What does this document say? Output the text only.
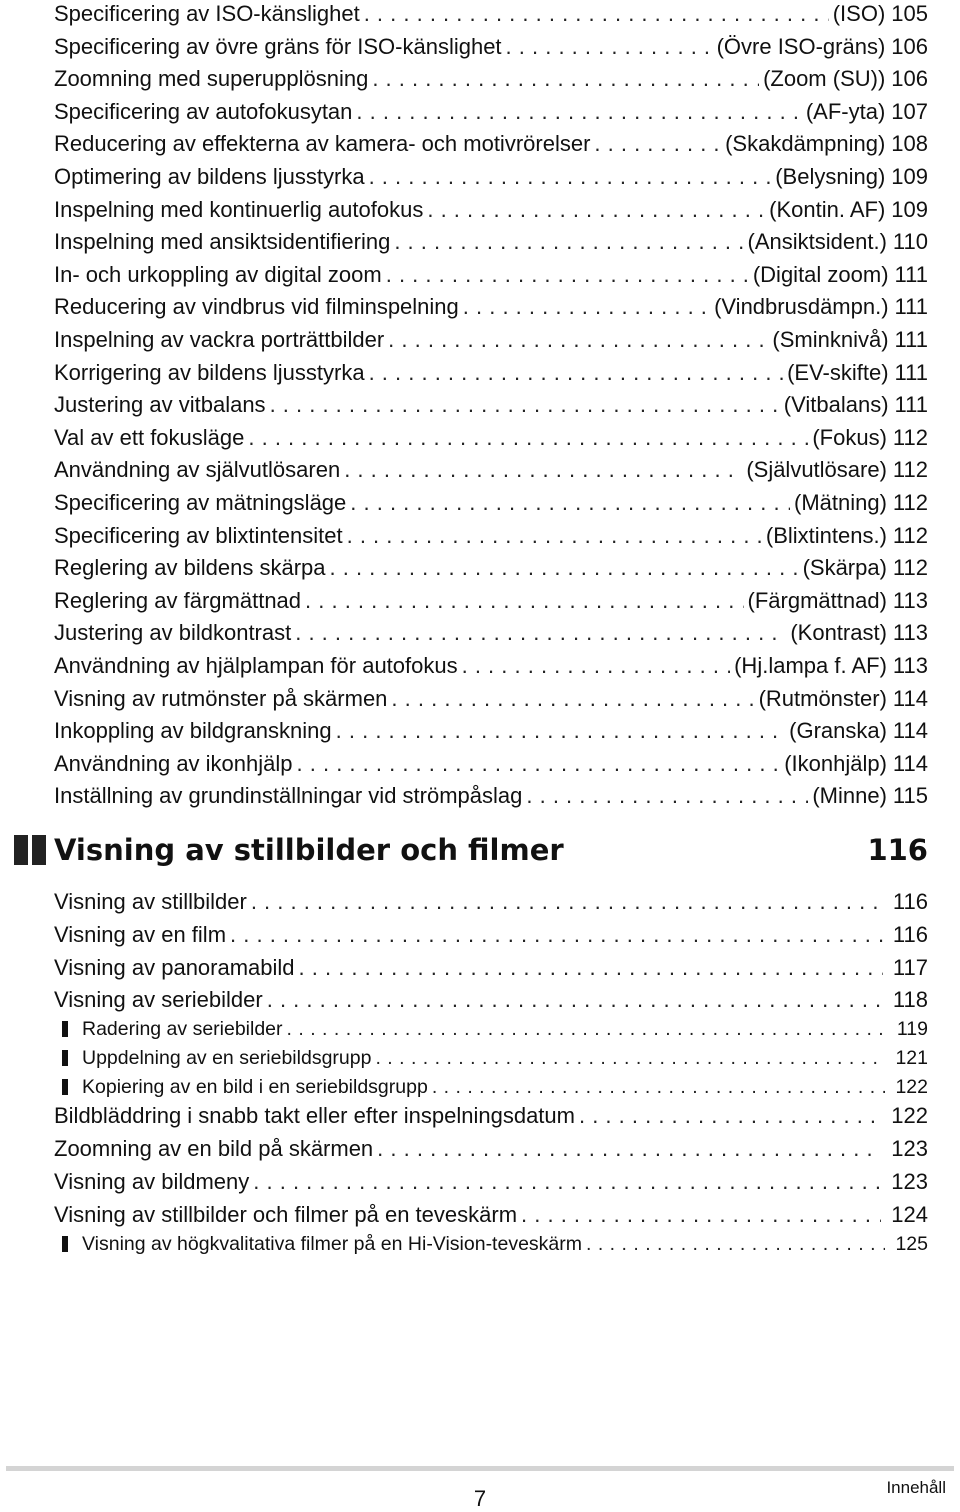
Specificering av ISO-känslighet . . .	(ISO) 105
Specificering av övre gräns för ISO-känslighet . . .	(Övre ISO-gräns) 106
Zoomning med superupplösning . . .	(Zoom (SU)) 106
Specificering av autofokusytan . . .	(AF-yta) 107
Reducering av effekterna av kamera- och motivrörelser . . .	(Skakdämpning) 108
Optimering av bildens ljusstyrka . . .	(Belysning) 109
Inspelning med kontinuerlig autofokus . . .	(Kontin. AF) 109
Inspelning med ansiktsidentifiering . . .	(Ansiktsident.) 110
In- och urkoppling av digital zoom . . .	(Digital zoom) 111
Reducering av vindbrus vid filminspelning . . .	(Vindbrusdämpn.) 111
Inspelning av vackra porträttbilder . . .	(Sminknivå) 111
Korrigering av bildens ljusstyrka . . .	(EV-skifte) 111
Justering av vitbalans . . .	(Vitbalans) 111
Val av ett fokusläge . . .	(Fokus) 112
Användning av självutlösaren . . .	(Självutlösare) 112
Specificering av mätningsläge . . .	(Mätning) 112
Specificering av blixtintensitet . . .	(Blixtintens.) 112
Reglering av bildens skärpa . . .	(Skärpa) 112
Reglering av färgmättnad . . .	(Färgmättnad) 113
Justering av bildkontrast . . .	(Kontrast) 113
Användning av hjälplampan för autofokus . . .	(Hj.lampa f. AF) 113
Visning av rutmönster på skärmen . . .	(Rutmönster) 114
Inkoppling av bildgranskning . . .	(Granska) 114
Användning av ikonhjälp . . .	(Ikonhjälp) 114
Inställning av grundinställningar vid strömpåslag . . .	(Minne) 115
Visning av stillbilder . . .	116
Visning av en film . . .	116
Visning av panoramabild . . .	117
Visning av seriebilder . . .	118
Radering av seriebilder . . .	119
Uppdelning av en seriebildsgrupp . . .	121
Kopiering av en bild i en seriebildsgrupp . . .	122
Bildbläddring i snabb takt eller efter inspelningsdatum . . .	122
Zoomning av en bild på skärmen . . .	123
Visning av bildmeny . . .	123
Visning av stillbilder och filmer på en teveskärm . . .	124
Visning av högkvalitativa filmer på en Hi-Vision-teveskärm . . .	125
Visning av stillbilder och filmer	116
7	Innehåll
